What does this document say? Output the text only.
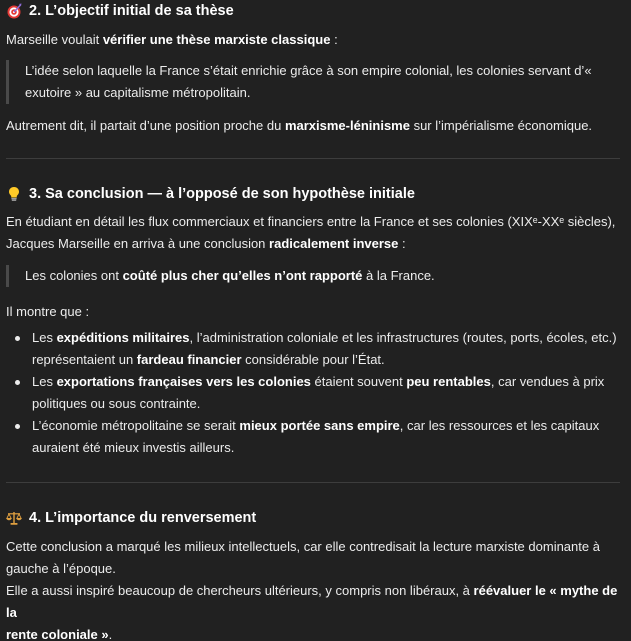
2. L’objectif initial de sa thèse

Marseille voulait vérifier une thèse marxiste classique :

L’idée selon laquelle la France s’était enrichie grâce à son empire colonial, les colonies servant d’«
exutoire » au capitalisme métropolitain.

Autrement dit, il partait d’une position proche du marxisme-léninisme sur l’impérialisme économique.

3. Sa conclusion — à l’opposé de son hypothèse initiale
En étudiant en détail les flux commerciaux et financiers entre la France et ses colonies (XIXᵉ-XXᵉ siècles),
Jacques Marseille en arriva à une conclusion radicalement inverse :
Les colonies ont coûté plus cher qu’elles n’ont rapporté à la France.

Il montre que :

Les expéditions militaires, l’administration coloniale et les infrastructures (routes, ports, écoles, etc.)
représentaient un fardeau financier considérable pour l’État.
Les exportations françaises vers les colonies étaient souvent peu rentables, car vendues à prix
politiques ou sous contrainte.
L’économie métropolitaine se serait mieux portée sans empire, car les ressources et les capitaux
auraient été mieux investis ailleurs.
4. L’importance du renversement
Cette conclusion a marqué les milieux intellectuels, car elle contredisait la lecture marxiste dominante à
gauche à l’époque.
Elle a aussi inspiré beaucoup de chercheurs ultérieurs, y compris non libéraux, à réévaluer le « mythe de la
rente coloniale ».
